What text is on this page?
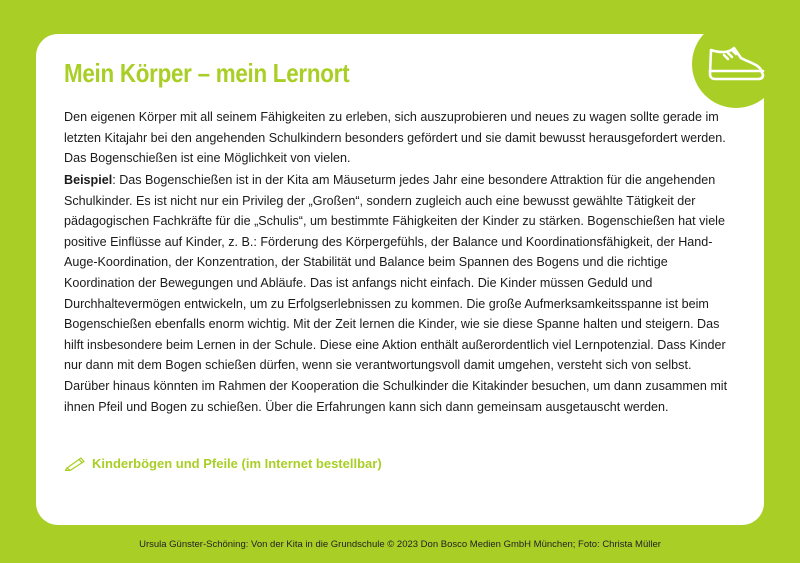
Mein Körper – mein Lernort

Den eigenen Körper mit all seinem Fähigkeiten zu erleben, sich auszuprobieren und neues zu wagen sollte gerade im letzten Kitajahr bei den angehenden Schulkindern besonders gefördert und sie damit bewusst herausgefordert werden. Das Bogenschießen ist eine Möglichkeit von vielen.

Beispiel: Das Bogenschießen ist in der Kita am Mäuseturm jedes Jahr eine besondere Attraktion für die angehenden Schulkinder. Es ist nicht nur ein Privileg der „Großen“, sondern zugleich auch eine bewusst gewählte Tätigkeit der pädagogischen Fachkräfte für die „Schulis“, um bestimmte Fähigkeiten der Kinder zu stärken. Bogenschießen hat viele positive Einflüsse auf Kinder, z. B.: Förderung des Körpergefühls, der Balance und Koordinationsfähigkeit, der Hand-Auge-Koordination, der Konzentration, der Stabilität und Balance beim Spannen des Bogens und die richtige Koordination der Bewegungen und Abläufe. Das ist anfangs nicht einfach. Die Kinder müssen Geduld und Durchhaltevermögen entwickeln, um zu Erfolgserlebnissen zu kommen. Die große Aufmerksamkeitsspanne ist beim Bogenschießen ebenfalls enorm wichtig. Mit der Zeit lernen die Kinder, wie sie diese Spanne halten und steigern. Das hilft insbesondere beim Lernen in der Schule. Diese eine Aktion enthält außerordentlich viel Lernpotenzial. Dass Kinder nur dann mit dem Bogen schießen dürfen, wenn sie verantwortungsvoll damit umgehen, versteht sich von selbst. Darüber hinaus könnten im Rahmen der Kooperation die Schulkinder die Kitakinder besuchen, um dann zusammen mit ihnen Pfeil und Bogen zu schießen. Über die Erfahrungen kann sich dann gemeinsam ausgetauscht werden.

Kinderbögen und Pfeile (im Internet bestellbar)
Ursula Günster-Schöning: Von der Kita in die Grundschule © 2023 Don Bosco Medien GmbH München; Foto: Christa Müller
